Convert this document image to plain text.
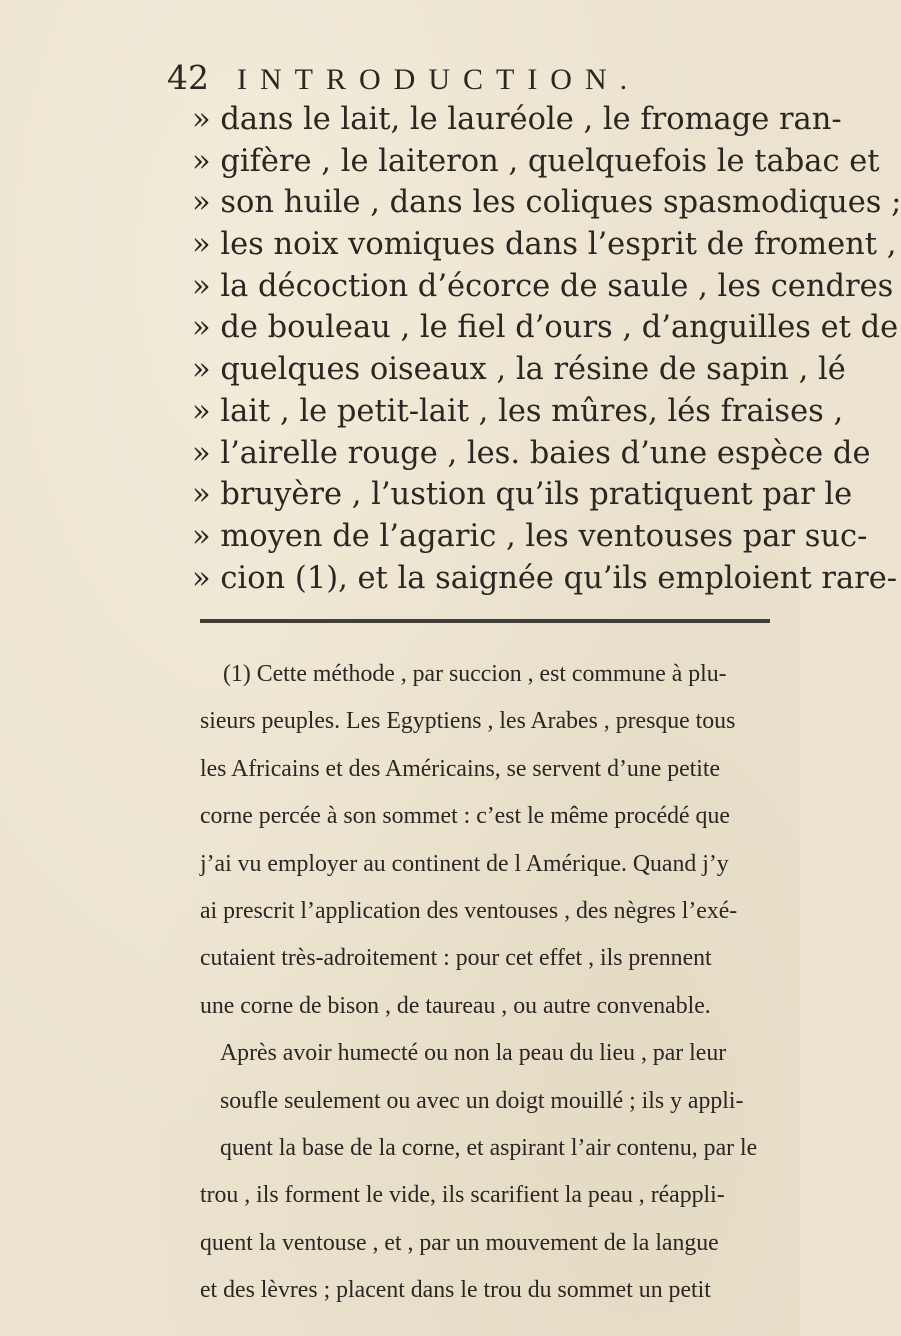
42 INTRODUCTION.
» dans le lait, le lauréole , le fromage ran-
» gifère , le laiteron , quelquefois le tabac et
» son huile , dans les coliques spasmodiques ;
» les noix vomiques dans l’esprit de froment ,
» la décoction d’écorce de saule , les cendres
» de bouleau , le fiel d’ours , d’anguilles et de
» quelques oiseaux , la résine de sapin , lé
» lait , le petit-lait , les mûres, lés fraises ,
» l’airelle rouge , les. baies d’une espèce de
» bruyère , l’ustion qu’ils pratiquent par le
» moyen de l’agaric , les ventouses par suc-
» cion (1), et la saignée qu’ils emploient rare-
(1) Cette méthode , par succion , est commune à plu-
sieurs peuples. Les Egyptiens , les Arabes , presque tous
les Africains et des Américains, se servent d’une petite
corne percée à son sommet : c’est le même procédé que
j’ai vu employer au continent de l Amérique. Quand j’y
ai prescrit l’application des ventouses , des nègres l’exé-
cutaient très-adroitement : pour cet effet , ils prennent
une corne de bison , de taureau , ou autre convenable.
Après avoir humecté ou non la peau du lieu , par leur
soufle seulement ou avec un doigt mouillé ; ils y appli-
quent la base de la corne, et aspirant l’air contenu, par le
trou , ils forment le vide, ils scarifient la peau , réappli-
quent la ventouse , et , par un mouvement de la langue
et des lèvres ; placent dans le trou du sommet un petit
